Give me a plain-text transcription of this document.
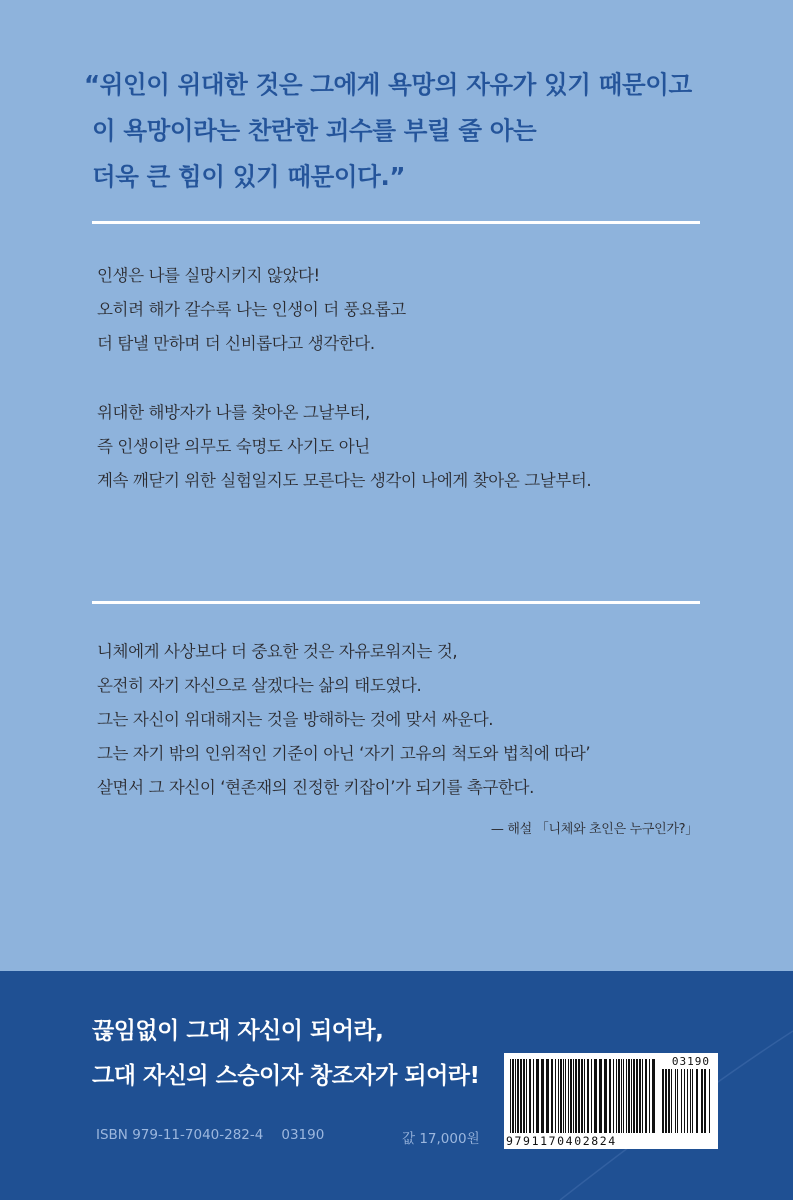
“위인이 위대한 것은 그에게 욕망의 자유가 있기 때문이고
이 욕망이라는 찬란한 괴수를 부릴 줄 아는
더욱 큰 힘이 있기 때문이다.”
인생은 나를 실망시키지 않았다!
오히려 해가 갈수록 나는 인생이 더 풍요롭고
더 탐낼 만하며 더 신비롭다고 생각한다.
위대한 해방자가 나를 찾아온 그날부터,
즉 인생이란 의무도 숙명도 사기도 아닌
계속 깨닫기 위한 실험일지도 모른다는 생각이 나에게 찾아온 그날부터.
니체에게 사상보다 더 중요한 것은 자유로워지는 것,
온전히 자기 자신으로 살겠다는 삶의 태도였다.
그는 자신이 위대해지는 것을 방해하는 것에 맞서 싸운다.
그는 자기 밖의 인위적인 기준이 아닌 ‘자기 고유의 척도와 법칙에 따라’
살면서 그 자신이 ‘현존재의 진정한 키잡이’가 되기를 촉구한다.
— 해설 「니체와 초인은 누구인가?」
끊임없이 그대 자신이 되어라,
그대 자신의 스승이자 창조자가 되어라!
ISBN 979-11-7040-282-4 03190	값 17,000원
03190
9791170402824
